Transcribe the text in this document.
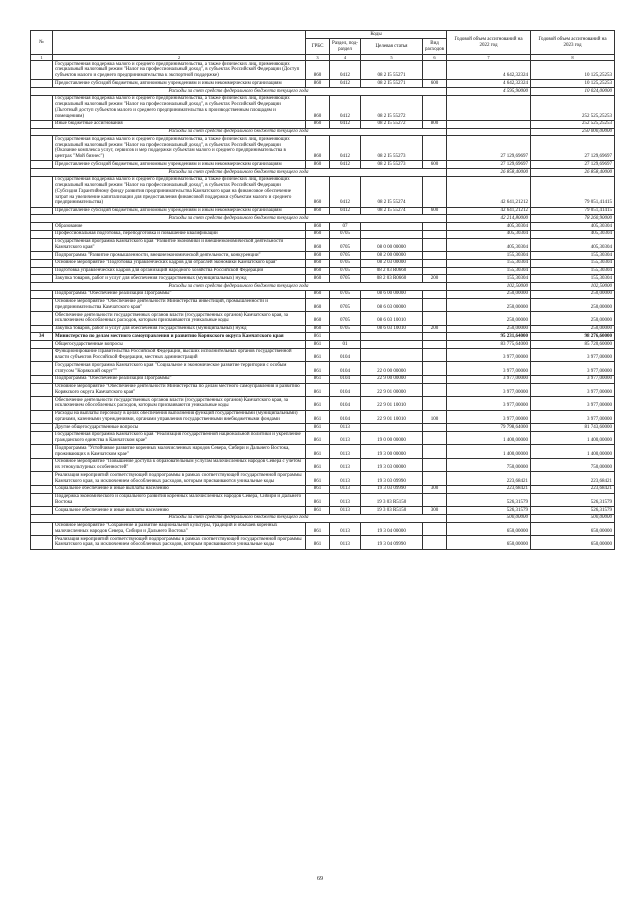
№		Коды				Годовой объем ассигнований на 2022 год	Годовой объем ассигнований на 2023 год
		ГРБС	Раздел, под-раздел	Целевая статья	Вид расходов		
1	2	3	4	5	6	7	8
	Государственная поддержка малого и среднего предпринимательства, а также физических лиц, применяющих специальный налоговый режим "Налог на профессиональный доход", в субъектах Российской Федерации (Доступ субъектов малого и среднего предпринимательства к экспортной поддержке)	860	0412	08 2 I5 55271		4 642,32324	10 125,25253
	Предоставление субсидий бюджетным, автономным учреждениям и иным некоммерческим организациям	860	0412	08 2 I5 55271	600	4 642,32324	10 125,25253
Расходы за счет средств федерального бюджета текущего года						4 595,90000	10 024,00000
	Государственная поддержка малого и среднего предпринимательства, а также физических лиц, применяющих специальный налоговый режим "Налог на профессиональный доход", в субъектах Российской Федерации (Льготный доступ субъектов малого и среднего предпринимательства к производственным площадям и помещениям)	860	0412	08 2 I5 55272			252 525,25253
	Иные бюджетные ассигнования	860	0412	08 2 I5 55272	800		252 525,25253
Расходы за счет средств федерального бюджета текущего года							250 000,00000
	Государственная поддержка малого и среднего предпринимательства, а также физических лиц, применяющих специальный налоговый режим "Налог на профессиональный доход", в субъектах Российской Федерации (Оказание комплекса услуг, сервисов и мер поддержки субъектам малого и среднего предпринимательства в центрах "Мой бизнес")	860	0412	08 2 I5 55273		27 129,69697	27 129,69697
	Предоставление субсидий бюджетным, автономным учреждениям и иным некоммерческим организациям	860	0412	08 2 I5 55273	600	27 129,69697	27 129,69697
Расходы за счет средств федерального бюджета текущего года						26 858,40000	26 858,40000
	Государственная поддержка малого и среднего предпринимательства, а также физических лиц, применяющих специальный налоговый режим "Налог на профессиональный доход", в субъектах Российской Федерации (Субсидия Гарантийному фонду развития предпринимательства Камчатского края на финансовое обеспечение затрат на увеличение капитализации для предоставления финансовой поддержки субъектам малого и среднего предпринимательства)	860	0412	08 2 I5 55274		42 641,21212	79 051,41415
	Предоставление субсидий бюджетным, автономным учреждениям и иным некоммерческим организациям	860	0412	08 2 I5 55274	600	42 641,21212	79 051,41415
Расходы за счет средств федерального бюджета текущего года						42 214,80000	78 260,90000
	Образование	860	07			405,30304	405,30304
	Профессиональная подготовка, переподготовка и повышение квалификации	860	0705			405,30304	405,30304
	Государственная программа Камчатского края "Развитие экономики и внешнеэкономической деятельности Камчатского края"	860	0705	08 0 00 00000		405,30304	405,30304
	Подпрограмма "Развитие промышленности, внешнеэкономической деятельности, конкуренции"	860	0705	08 2 00 00000		155,30304	155,30304
	Основное мероприятие "Подготовка управленческих кадров для отраслей экономики Камчатского края"	860	0705	08 2 03 00000		155,30304	155,30304
	Подготовка управленческих кадров для организаций народного хозяйства Российской Федерации	860	0705	08 2 03 R0660		155,30304	155,30304
	Закупка товаров, работ и услуг для обеспечения государственных (муниципальных) нужд	860	0705	08 2 03 R0660	200	155,30304	155,30304
Расходы за счет средств федерального бюджета текущего года						102,50000	102,50000
	Подпрограмма "Обеспечение реализации Программы"	860	0705	08 6 00 00000		250,00000	250,00000
	Основное мероприятие "Обеспечение деятельности Министерства инвестиций, промышленности и предпринимательства Камчатского края"	860	0705	08 6 03 00000		250,00000	250,00000
	Обеспечение деятельности государственных органов власти (государственных органов) Камчатского края, за исключением обособленных расходов, которым присваиваются уникальные коды	860	0705	08 6 03 10010		250,00000	250,00000
	Закупка товаров, работ и услуг для обеспечения государственных (муниципальных) нужд	860	0705	08 6 03 10010	200	250,00000	250,00000
34	Министерство по делам местного самоуправления и развитию Корякского округа Камчатского края	861				95 231,64000	98 276,60000
	Общегосударственные вопросы	861	01			83 775,64000	85 720,60000
	Функционирование Правительства Российской Федерации, высших исполнительных органов государственной власти субъектов Российской Федерации, местных администраций	861	0104			3 977,00000	3 977,00000
	Государственная программа Камчатского края "Социальное и экономическое развитие территории с особым статусом "Корякский округ""	861	0104	22 0 00 00000		3 977,00000	3 977,00000
	Подпрограмма "Обеспечение реализации Программы"	861	0104	22 9 00 00000		3 977,00000	3 977,00000
	Основное мероприятие "Обеспечение деятельности Министерства по делам местного самоуправления и развитию Корякского округа Камчатского края"	861	0104	22 9 01 00000		3 977,00000	3 977,00000
	Обеспечение деятельности государственных органов власти (государственных органов) Камчатского края, за исключением обособленных расходов, которым присваиваются уникальные коды	861	0104	22 9 01 10010		3 977,00000	3 977,00000
	Расходы на выплаты персоналу в целях обеспечения выполнения функций государственными (муниципальными) органами, казенными учреждениями, органами управления государственными внебюджетными фондами	861	0104	22 9 01 10010	100	3 977,00000	3 977,00000
	Другие общегосударственные вопросы	861	0113			79 798,64000	81 743,60000
	Государственная программа Камчатского края "Реализация государственной национальной политики и укрепление гражданского единства в Камчатском крае"	861	0113	19 0 00 00000		1 400,00000	1 400,00000
	Подпрограмма "Устойчивое развитие коренных малочисленных народов Севера, Сибири и Дальнего Востока, проживающих в Камчатском крае"	861	0113	19 3 00 00000		1 400,00000	1 400,00000
	Основное мероприятие "Повышение доступа к образовательным услугам малочисленных народов Севера с учетом их этнокультурных особенностей"	861	0113	19 3 03 00000		750,00000	750,00000
	Реализация мероприятий соответствующей подпрограммы в рамках соответствующей государственной программы Камчатского края, за исключением обособленных расходов, которым присваиваются уникальные коды	861	0113	19 3 03 09990		223,68421	223,68421
	Социальное обеспечение и иные выплаты населению	861	0113	19 3 03 09990	300	223,68421	223,68421
	Поддержка экономического и социального развития коренных малочисленных народов Севера, Сибири и Дальнего Востока	861	0113	19 3 03 R5150		526,31579	526,31579
	Социальное обеспечение и иные выплаты населению	861	0113	19 3 03 R5150	300	526,31579	526,31579
Расходы за счет средств федерального бюджета текущего года						500,00000	500,00000
	Основное мероприятие "Сохранение и развитие национальной культуры, традиций и обычаев коренных малочисленных народов Севера, Сибири и Дальнего Востока"	861	0113	19 3 04 00000		650,00000	650,00000
	Реализация мероприятий соответствующей подпрограммы в рамках соответствующей государственной программы Камчатского края, за исключением обособленных расходов, которым присваиваются уникальные коды	861	0113	19 3 04 09990		650,00000	650,00000
69
